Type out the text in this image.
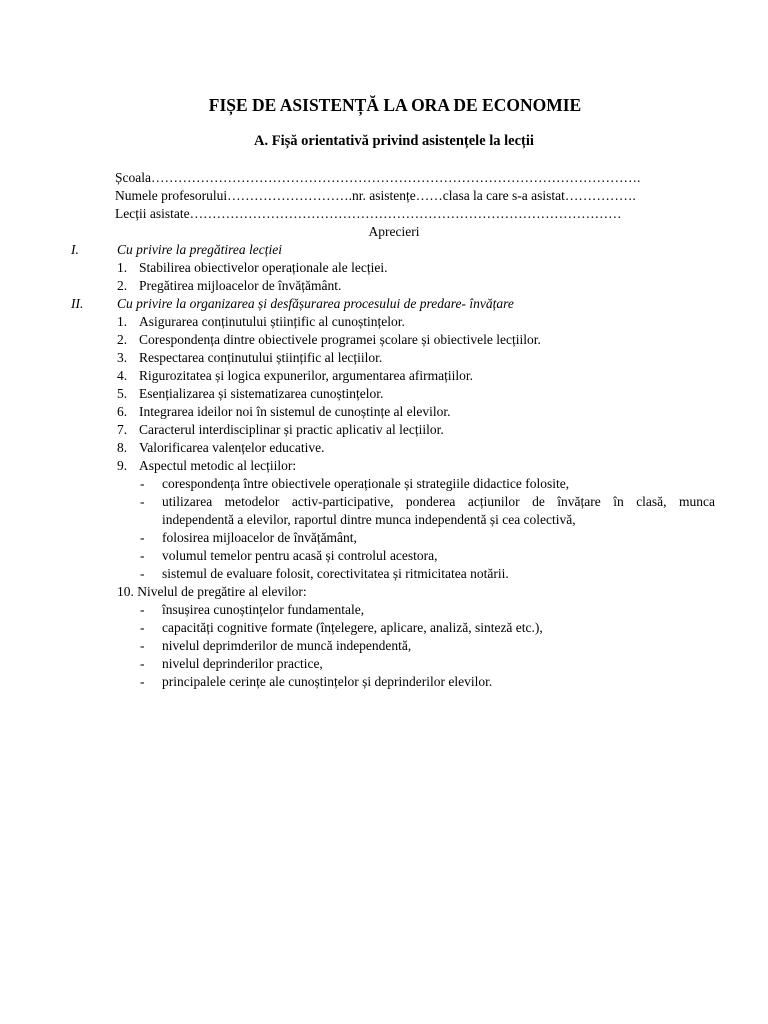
FIȘE DE ASISTENȚĂ LA ORA DE ECONOMIE
A. Fișă orientativă privind asistențele la lecții
Școala……………………………………………………………………………………………….
Numele profesorului……………………….nr. asistențe……clasa la care s-a asistat…………….
Lecții asistate……………………………………………………………………………………
Aprecieri
I.	Cu privire la pregătirea lecției
1. Stabilirea obiectivelor operaționale ale lecției.
2. Pregătirea mijloacelor de învățământ.
II. Cu privire la organizarea și desfășurarea procesului de predare- învățare
1. Asigurarea conținutului științific al cunoștințelor.
2. Corespondența dintre obiectivele programei școlare și obiectivele lecțiilor.
3. Respectarea conținutului științific al lecțiilor.
4. Rigurozitatea și logica expunerilor, argumentarea afirmațiilor.
5. Esențializarea și sistematizarea cunoștințelor.
6. Integrarea ideilor noi în sistemul de cunoștințe al elevilor.
7. Caracterul interdisciplinar și practic aplicativ al lecțiilor.
8. Valorificarea valențelor educative.
9. Aspectul metodic al lecțiilor:
- corespondența între obiectivele operaționale și strategiile didactice folosite,
- utilizarea metodelor activ-participative, ponderea acțiunilor de învățare în clasă, munca
independentă a elevilor, raportul dintre munca independentă și cea colectivă,
- folosirea mijloacelor de învățământ,
- volumul temelor pentru acasă și controlul acestora,
- sistemul de evaluare folosit, corectivitatea și ritmicitatea notării.
10. Nivelul de pregătire al elevilor:
- însușirea cunoștințelor fundamentale,
- capacități cognitive formate (înțelegere, aplicare, analiză, sinteză etc.),
- nivelul deprimderilor de muncă independentă,
- nivelul deprinderilor practice,
- principalele cerințe ale cunoștințelor și deprinderilor elevilor.
